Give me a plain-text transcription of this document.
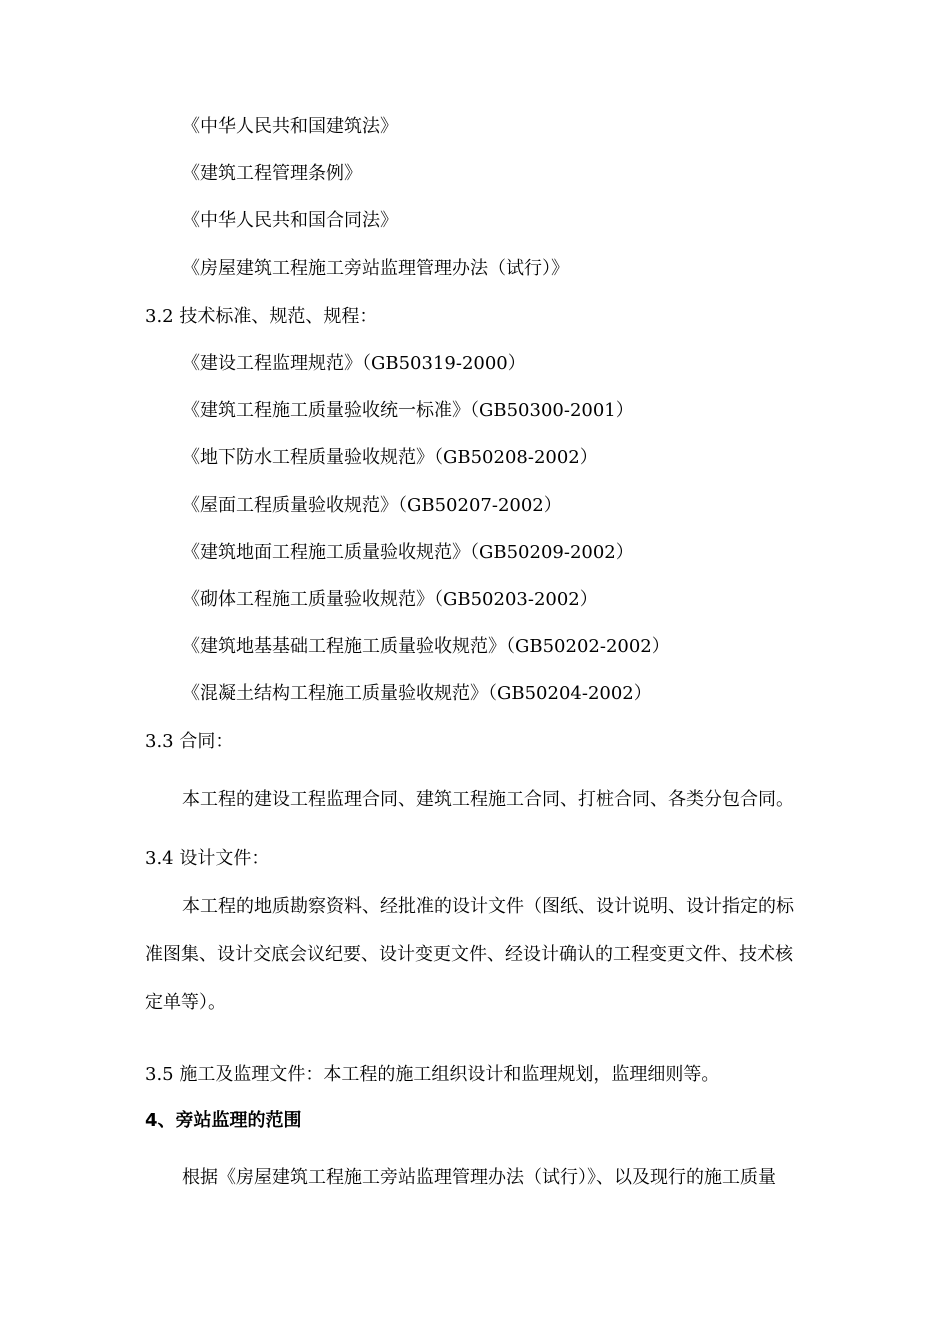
《中华人民共和国建筑法》
《建筑工程管理条例》
《中华人民共和国合同法》
《房屋建筑工程施工旁站监理管理办法（试行）》
3.2 技术标准、规范、规程：
《建设工程监理规范》（GB50319-2000）
《建筑工程施工质量验收统一标准》（GB50300-2001）
《地下防水工程质量验收规范》（GB50208-2002）
《屋面工程质量验收规范》（GB50207-2002）
《建筑地面工程施工质量验收规范》（GB50209-2002）
《砌体工程施工质量验收规范》（GB50203-2002）
《建筑地基基础工程施工质量验收规范》（GB50202-2002）
《混凝土结构工程施工质量验收规范》（GB50204-2002）
3.3 合同：
本工程的建设工程监理合同、建筑工程施工合同、打桩合同、各类分包合同。
3.4 设计文件：
本工程的地质勘察资料、经批准的设计文件（图纸、设计说明、设计指定的标
准图集、设计交底会议纪要、设计变更文件、经设计确认的工程变更文件、技术核
定单等）。
3.5 施工及监理文件：本工程的施工组织设计和监理规划，监理细则等。
4、旁站监理的范围
根据《房屋建筑工程施工旁站监理管理办法（试行）》、以及现行的施工质量
